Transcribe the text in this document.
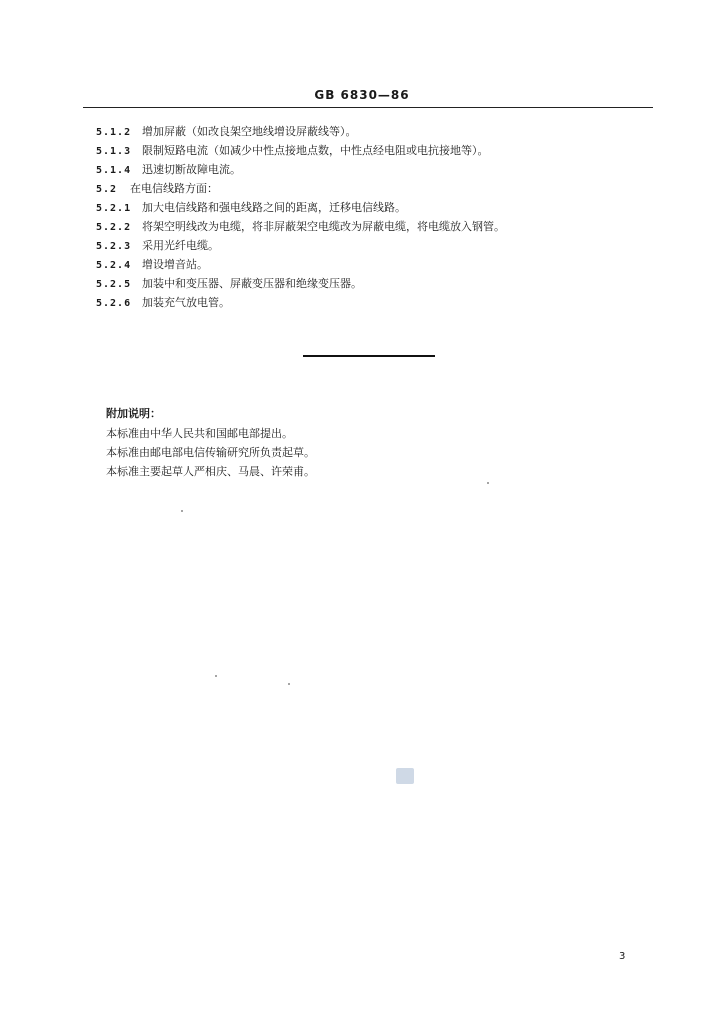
GB 6830—86
5.1.2 增加屏蔽（如改良架空地线增设屏蔽线等）。
5.1.3 限制短路电流（如减少中性点接地点数，中性点经电阻或电抗接地等）。
5.1.4 迅速切断故障电流。
5.2 在电信线路方面：
5.2.1 加大电信线路和强电线路之间的距离，迁移电信线路。
5.2.2 将架空明线改为电缆，将非屏蔽架空电缆改为屏蔽电缆，将电缆放入钢管。
5.2.3 采用光纤电缆。
5.2.4 增设增音站。
5.2.5 加装中和变压器、屏蔽变压器和绝缘变压器。
5.2.6 加装充气放电管。
附加说明：
本标准由中华人民共和国邮电部提出。
本标准由邮电部电信传输研究所负责起草。
本标准主要起草人严相庆、马晨、许荣甫。
3
